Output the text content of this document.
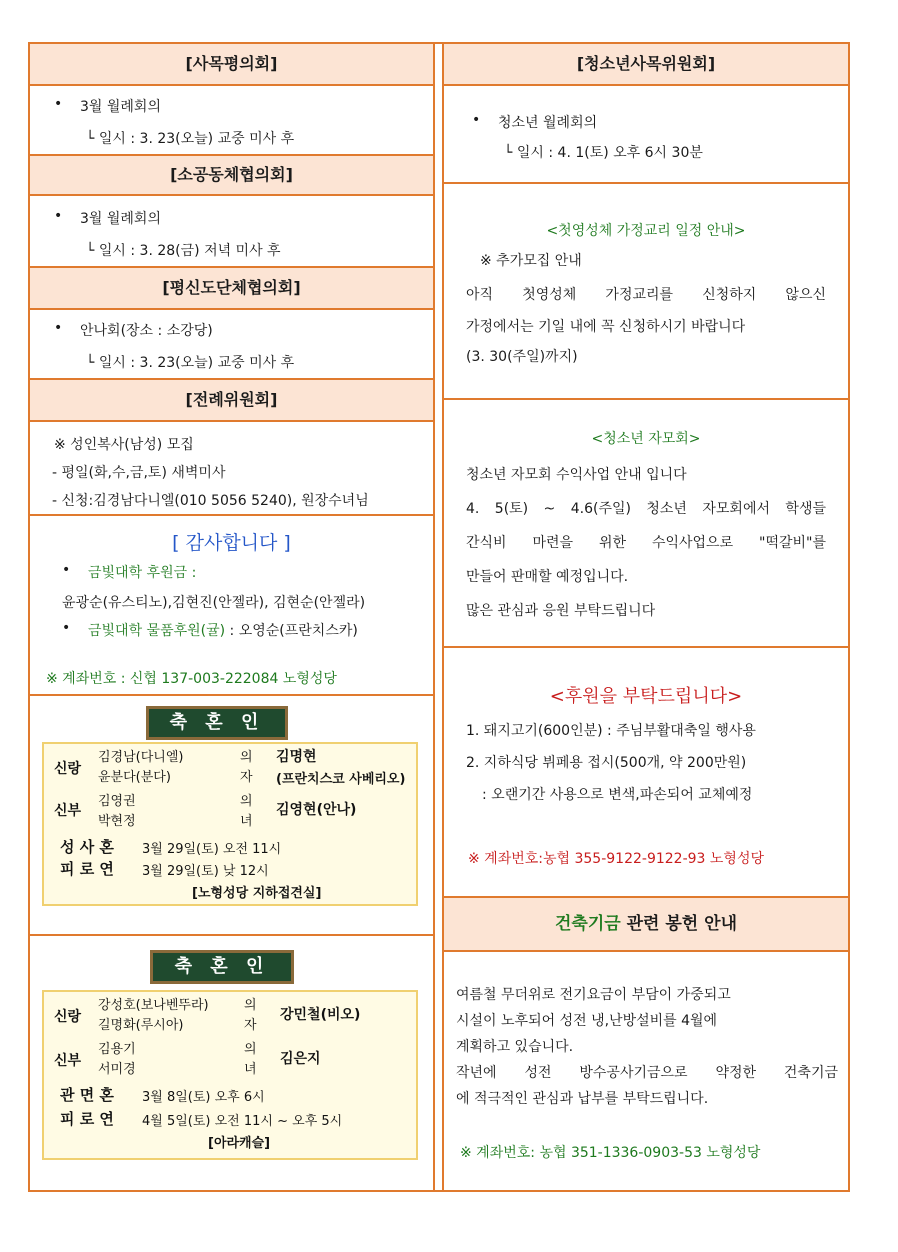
[사목평의회]
• 3월 월례회의
└ 일시 : 3. 23(오늘) 교중 미사 후
[소공동체협의회]
• 3월 월례회의
└ 일시 : 3. 28(금) 저녁 미사 후
[평신도단체협의회]
• 안나회(장소 : 소강당)
└ 일시 : 3. 23(오늘) 교중 미사 후
[전례위원회]
※ 성인복사(남성) 모집
- 평일(화,수,금,토) 새벽미사
- 신청:김경남다니엘(010 5056 5240), 원장수녀님
[ 감사합니다 ]
• 금빛대학 후원금 :
윤광순(유스티노),김현진(안젤라), 김현순(안젤라)
• 금빛대학 물품후원(귤) : 오영순(프란치스카)
※ 계좌번호 : 신협 137-003-222084 노형성당
축 혼 인
신랑
김경남(다니엘)
윤분다(분다)
의
자
김명현
(프란치스코 사베리오)
신부
김영권
박현정
의
녀
김영현(안나)
성 사 혼 3월 29일(토) 오전 11시
피 로 연 3월 29일(토) 낮 12시
[노형성당 지하접견실]
축 혼 인
신랑
강성호(보나벤뚜라)
길명화(루시아)
의
자
강민철(비오)
신부
김용기
서미경
의
녀
김은지
관 면 혼 3월 8일(토) 오후 6시
피 로 연 4월 5일(토) 오전 11시 ~ 오후 5시
[아라캐슬]
[청소년사목위원회]
• 청소년 월례회의
└ 일시 : 4. 1(토) 오후 6시 30분
<첫영성체 가정교리 일정 안내>
※ 추가모집 안내
아직 첫영성체 가정교리를 신청하지 않으신
가정에서는 기일 내에 꼭 신청하시기 바랍니다
(3. 30(주일)까지)
<청소년 자모회>
청소년 자모회 수익사업 안내 입니다
4. 5(토) ~ 4.6(주일) 청소년 자모회에서 학생들
간식비 마련을 위한 수익사업으로 "떡갈비"를
만들어 판매할 예정입니다.
많은 관심과 응원 부탁드립니다
<후원을 부탁드립니다>
1. 돼지고기(600인분) : 주님부활대축일 행사용
2. 지하식당 뷔페용 접시(500개, 약 200만원)
: 오랜기간 사용으로 변색,파손되어 교체예정
※ 계좌번호:농협 355-9122-9122-93 노형성당
건축기금 관련 봉헌 안내
여름철 무더위로 전기요금이 부담이 가중되고
시설이 노후되어 성전 냉,난방설비를 4월에
계획하고 있습니다.
작년에 성전 방수공사기금으로 약정한 건축기금
에 적극적인 관심과 납부를 부탁드립니다.
※ 계좌번호: 농협 351-1336-0903-53 노형성당
